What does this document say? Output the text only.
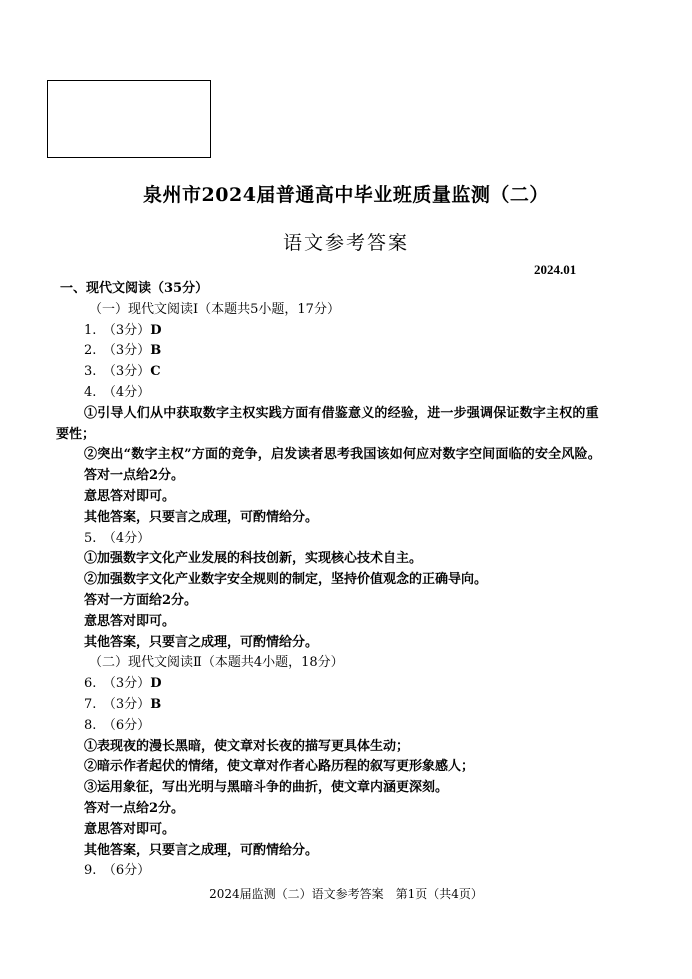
泉州市2024届普通高中毕业班质量监测（二）
语文参考答案
2024.01
一、现代文阅读（35分）
（一）现代文阅读Ⅰ（本题共5小题，17分）
1.　（3分）D
2.　（3分）B
3.　（3分）C
4.　（4分）
①引导人们从中获取数字主权实践方面有借鉴意义的经验，进一步强调保证数字主权的重
要性；
②突出“数字主权”方面的竞争，启发读者思考我国该如何应对数字空间面临的安全风险。
答对一点给2分。
意思答对即可。
其他答案，只要言之成理，可酌情给分。
5.　（4分）
①加强数字文化产业发展的科技创新，实现核心技术自主。
②加强数字文化产业数字安全规则的制定，坚持价值观念的正确导向。
答对一方面给2分。
意思答对即可。
其他答案，只要言之成理，可酌情给分。
（二）现代文阅读Ⅱ（本题共4小题，18分）
6.　（3分）D
7.　（3分）B
8.　（6分）
①表现夜的漫长黑暗，使文章对长夜的描写更具体生动；
②暗示作者起伏的情绪，使文章对作者心路历程的叙写更形象感人；
③运用象征，写出光明与黑暗斗争的曲折，使文章内涵更深刻。
答对一点给2分。
意思答对即可。
其他答案，只要言之成理，可酌情给分。
9.　（6分）
2024届监测（二）语文参考答案　第1页（共4页）
